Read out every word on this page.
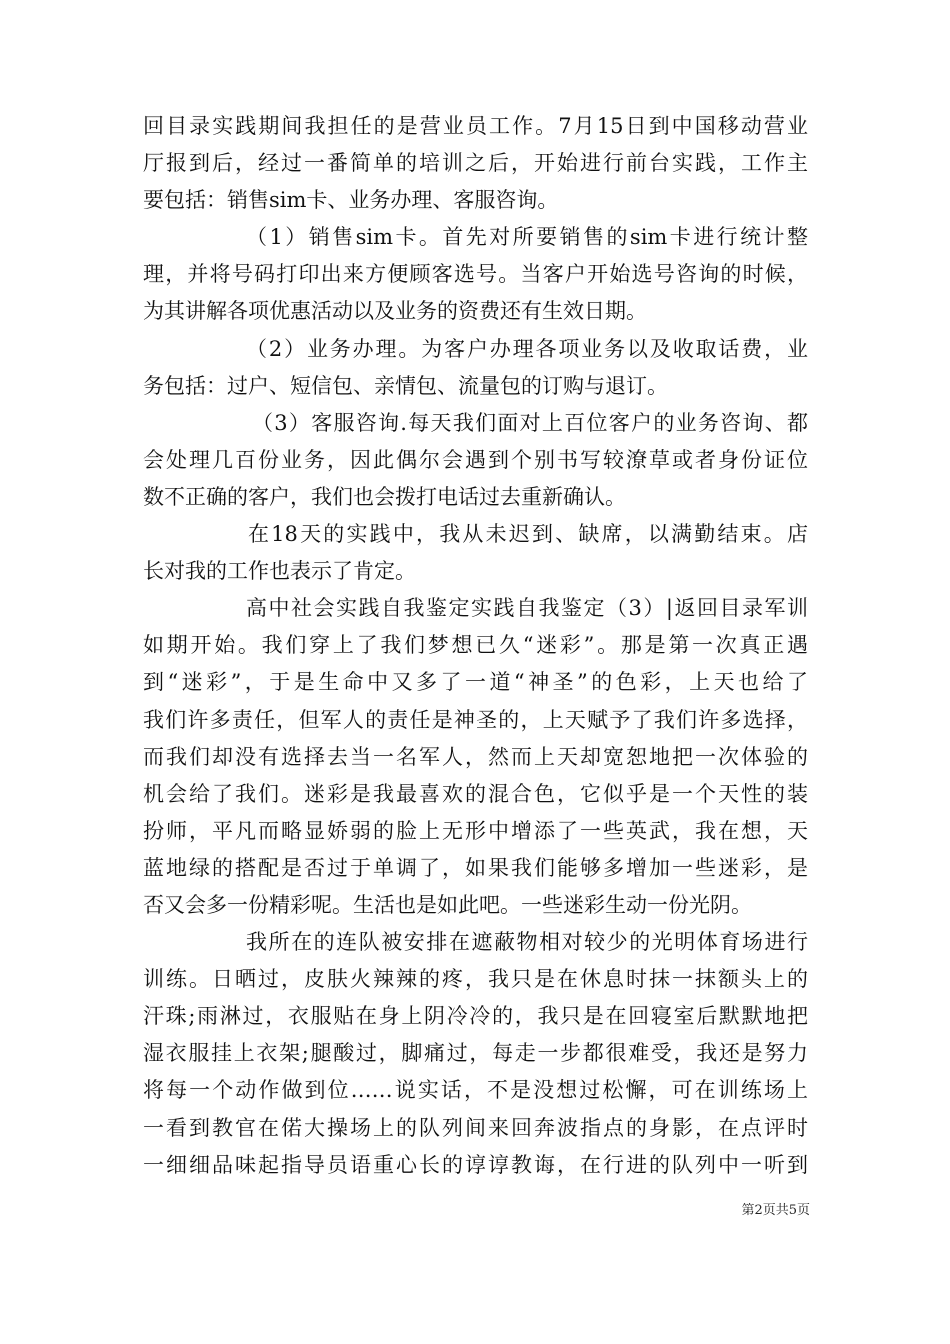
回目录实践期间我担任的是营业员工作。7月15日到中国移动营业
厅报到后，经过一番简单的培训之后，开始进行前台实践，工作主
要包括：销售sim卡、业务办理、客服咨询。
（1）销售sim卡。首先对所要销售的sim卡进行统计整
理，并将号码打印出来方便顾客选号。当客户开始选号咨询的时候，
为其讲解各项优惠活动以及业务的资费还有生效日期。
（2）业务办理。为客户办理各项业务以及收取话费，业
务包括：过户、短信包、亲情包、流量包的订购与退订。
（3）客服咨询.每天我们面对上百位客户的业务咨询、都
会处理几百份业务，因此偶尔会遇到个别书写较潦草或者身份证位
数不正确的客户，我们也会拨打电话过去重新确认。
在18天的实践中，我从未迟到、缺席，以满勤结束。店
长对我的工作也表示了肯定。
高中社会实践自我鉴定实践自我鉴定（3）|返回目录军训
如期开始。我们穿上了我们梦想已久“迷彩”。那是第一次真正遇
到“迷彩”，于是生命中又多了一道“神圣”的色彩，上天也给了
我们许多责任，但军人的责任是神圣的，上天赋予了我们许多选择，
而我们却没有选择去当一名军人，然而上天却宽恕地把一次体验的
机会给了我们。迷彩是我最喜欢的混合色，它似乎是一个天性的装
扮师，平凡而略显娇弱的脸上无形中增添了一些英武，我在想，天
蓝地绿的搭配是否过于单调了，如果我们能够多增加一些迷彩，是
否又会多一份精彩呢。生活也是如此吧。一些迷彩生动一份光阴。
我所在的连队被安排在遮蔽物相对较少的光明体育场进行
训练。日晒过，皮肤火辣辣的疼，我只是在休息时抹一抹额头上的
汗珠;雨淋过，衣服贴在身上阴冷冷的，我只是在回寝室后默默地把
湿衣服挂上衣架;腿酸过，脚痛过，每走一步都很难受，我还是努力
将每一个动作做到位……说实话，不是没想过松懈，可在训练场上
一看到教官在偌大操场上的队列间来回奔波指点的身影，在点评时
一细细品味起指导员语重心长的谆谆教诲，在行进的队列中一听到
第2页共5页
